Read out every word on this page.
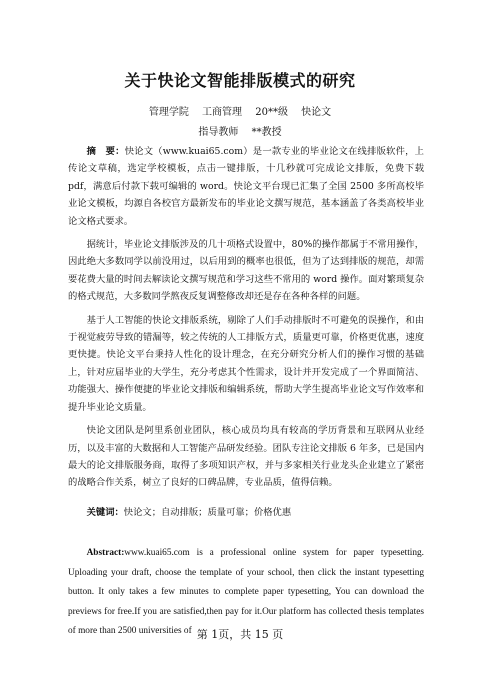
关于快论文智能排版模式的研究
管理学院 工商管理 20**级 快论文
指导教师 **教授

摘　要：快论文（www.kuai65.com）是一款专业的毕业论文在线排版软件，上传论文草稿，选定学校模板，点击一键排版，十几秒就可完成论文排版，免费下载 pdf，满意后付款下载可编辑的 word。快论文平台现已汇集了全国 2500 多所高校毕业论文模板，均源自各校官方最新发布的毕业论文撰写规范，基本涵盖了各类高校毕业论文格式要求。

据统计，毕业论文排版涉及的几十项格式设置中，80%的操作都属于不常用操作，因此绝大多数同学以前没用过，以后用到的概率也很低，但为了达到排版的规范，却需要花费大量的时间去解读论文撰写规范和学习这些不常用的 word 操作。面对繁琐复杂的格式规范，大多数同学熬夜反复调整修改却还是存在各种各样的问题。

基于人工智能的快论文排版系统，剔除了人们手动排版时不可避免的误操作，和由于视觉疲劳导致的错漏等，较之传统的人工排版方式，质量更可靠，价格更优惠，速度更快捷。快论文平台秉持人性化的设计理念，在充分研究分析人们的操作习惯的基础上，针对应届毕业的大学生，充分考虑其个性需求，设计并开发完成了一个界面简洁、功能强大、操作便捷的毕业论文排版和编辑系统，帮助大学生提高毕业论文写作效率和提升毕业论文质量。

快论文团队是阿里系创业团队，核心成员均具有较高的学历背景和互联网从业经历，以及丰富的大数据和人工智能产品研发经验。团队专注论文排版 6 年多，已是国内最大的论文排版服务商，取得了多项知识产权，并与多家相关行业龙头企业建立了紧密的战略合作关系，树立了良好的口碑品牌，专业品质，值得信赖。

关键词：快论文；自动排版；质量可靠；价格优惠

Abstract:www.kuai65.com is a professional online system for paper typesetting. Uploading your draft, choose the template of your school, then click the instant typesetting button. It only takes a few minutes to complete paper typesetting, You can download the previews for free.If you are satisfied,then pay for it.Our platform has collected thesis templates of more than 2500 universities of 第 1页，共 15 页
